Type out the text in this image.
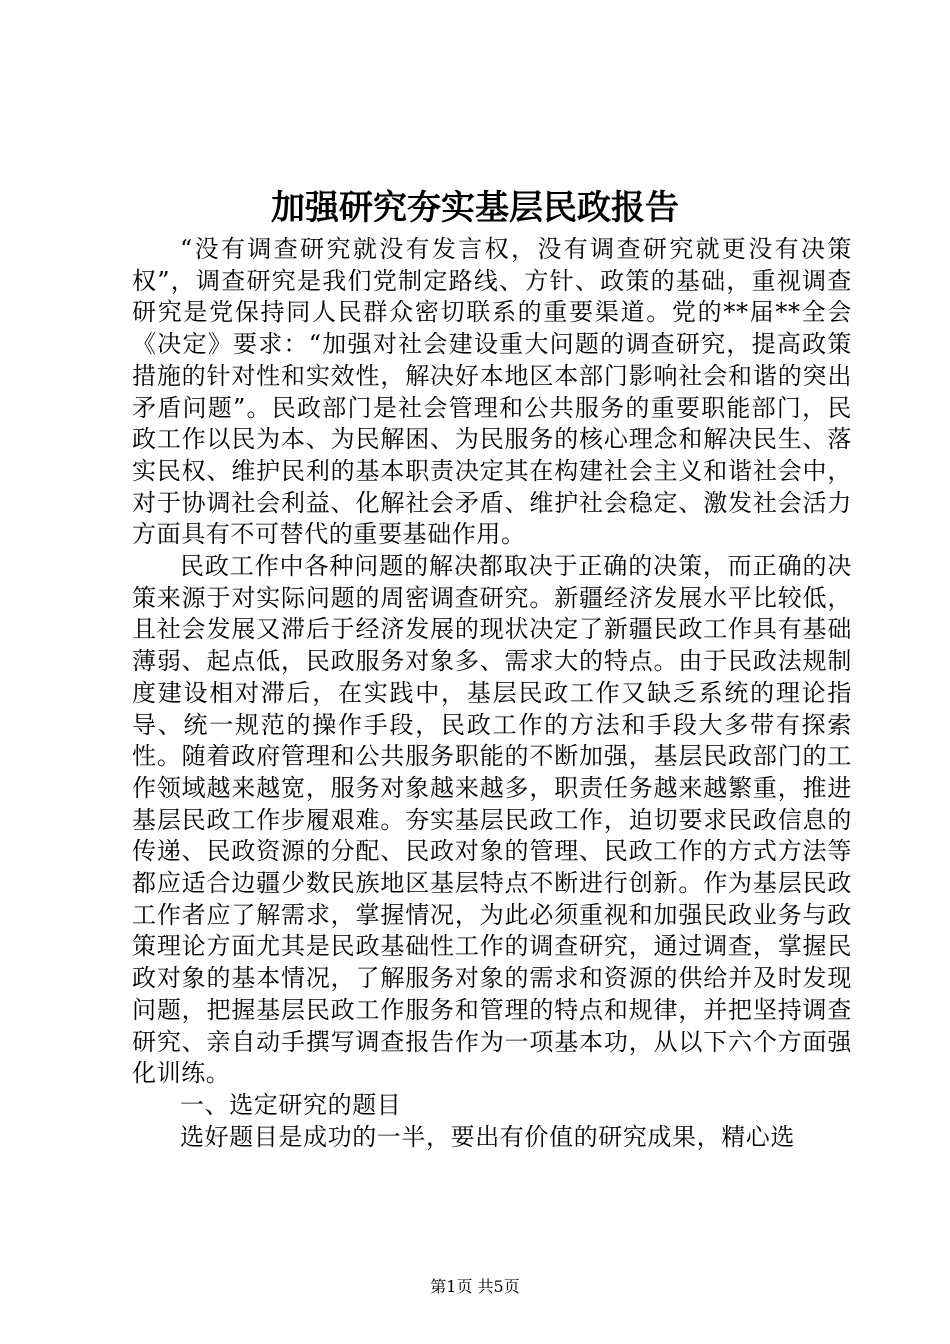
加强研究夯实基层民政报告

“没有调查研究就没有发言权，没有调查研究就更没有决策权”，调查研究是我们党制定路线、方针、政策的基础，重视调查研究是党保持同人民群众密切联系的重要渠道。党的**届**全会《决定》要求：“加强对社会建设重大问题的调查研究，提高政策措施的针对性和实效性，解决好本地区本部门影响社会和谐的突出矛盾问题”。民政部门是社会管理和公共服务的重要职能部门，民政工作以民为本、为民解困、为民服务的核心理念和解决民生、落实民权、维护民利的基本职责决定其在构建社会主义和谐社会中，对于协调社会利益、化解社会矛盾、维护社会稳定、激发社会活力方面具有不可替代的重要基础作用。

民政工作中各种问题的解决都取决于正确的决策，而正确的决策来源于对实际问题的周密调查研究。新疆经济发展水平比较低，且社会发展又滞后于经济发展的现状决定了新疆民政工作具有基础薄弱、起点低，民政服务对象多、需求大的特点。由于民政法规制度建设相对滞后，在实践中，基层民政工作又缺乏系统的理论指导、统一规范的操作手段，民政工作的方法和手段大多带有探索性。随着政府管理和公共服务职能的不断加强，基层民政部门的工作领域越来越宽，服务对象越来越多，职责任务越来越繁重，推进基层民政工作步履艰难。夯实基层民政工作，迫切要求民政信息的传递、民政资源的分配、民政对象的管理、民政工作的方式方法等都应适合边疆少数民族地区基层特点不断进行创新。作为基层民政工作者应了解需求，掌握情况，为此必须重视和加强民政业务与政策理论方面尤其是民政基础性工作的调查研究，通过调查，掌握民政对象的基本情况，了解服务对象的需求和资源的供给并及时发现问题，把握基层民政工作服务和管理的特点和规律，并把坚持调查研究、亲自动手撰写调查报告作为一项基本功，从以下六个方面强化训练。

一、选定研究的题目

选好题目是成功的一半，要出有价值的研究成果，精心选

第1页 共5页
